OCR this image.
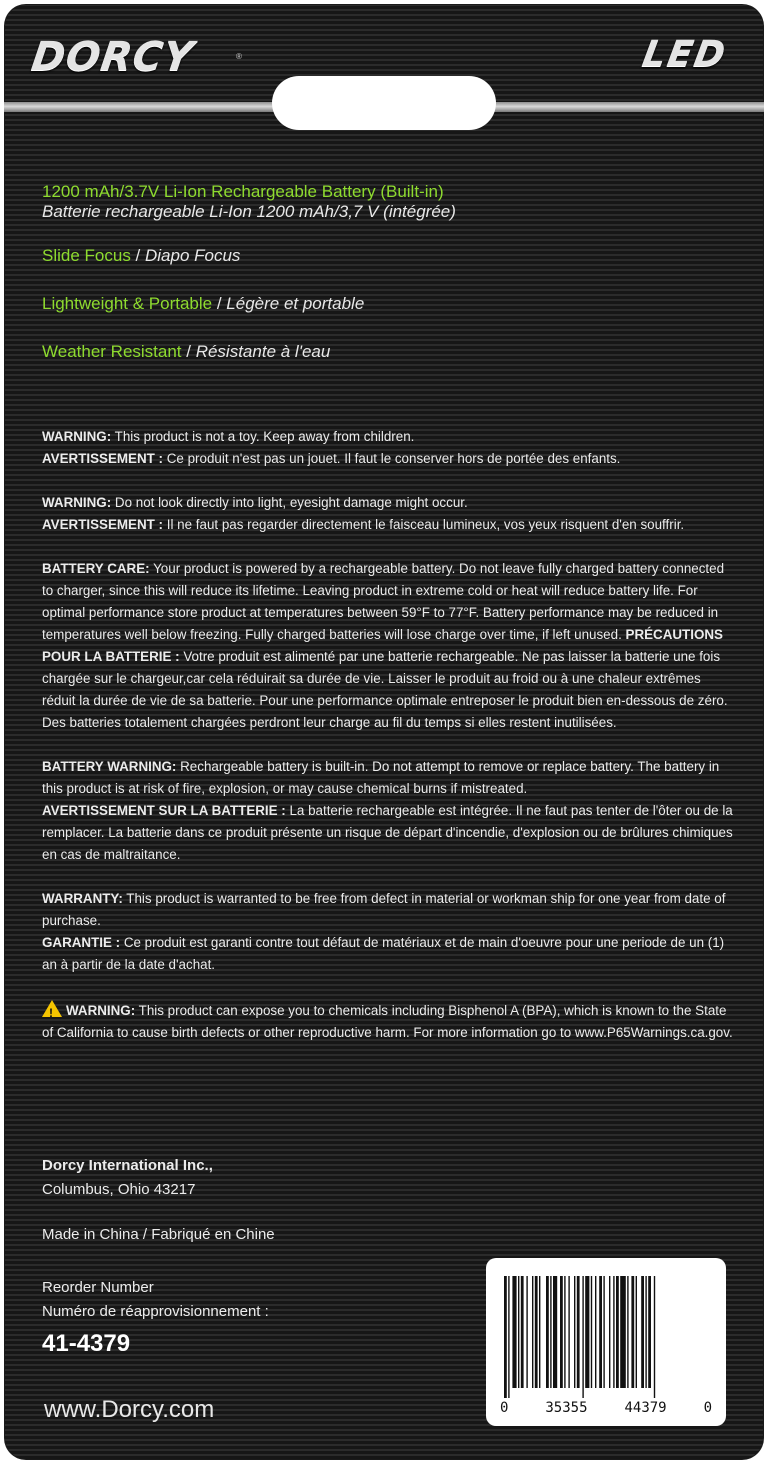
DORCY	®	LED
1200 mAh/3.7V Li-Ion Rechargeable Battery (Built-in)
Batterie rechargeable Li-Ion 1200 mAh/3,7 V (intégrée)
Slide Focus / Diapo Focus
Lightweight & Portable / Légère et portable
Weather Resistant / Résistante à l'eau

WARNING: This product is not a toy. Keep away from children.
AVERTISSEMENT : Ce produit n'est pas un jouet. Il faut le conserver hors de portée des enfants.

WARNING: Do not look directly into light, eyesight damage might occur.
AVERTISSEMENT : Il ne faut pas regarder directement le faisceau lumineux, vos yeux risquent d'en souffrir.

BATTERY CARE: Your product is powered by a rechargeable battery. Do not leave fully charged battery connected to charger, since this will reduce its lifetime. Leaving product in extreme cold or heat will reduce battery life. For optimal performance store product at temperatures between 59°F to 77°F. Battery performance may be reduced in temperatures well below freezing. Fully charged batteries will lose charge over time, if left unused. PRÉCAUTIONS POUR LA BATTERIE : Votre produit est alimenté par une batterie rechargeable. Ne pas laisser la batterie une fois chargée sur le chargeur,car cela réduirait sa durée de vie. Laisser le produit au froid ou à une chaleur extrêmes réduit la durée de vie de sa batterie. Pour une performance optimale entreposer le produit bien en-dessous de zéro. Des batteries totalement chargées perdront leur charge au fil du temps si elles restent inutilisées.

BATTERY WARNING: Rechargeable battery is built-in. Do not attempt to remove or replace battery. The battery in this product is at risk of fire, explosion, or may cause chemical burns if mistreated.
AVERTISSEMENT SUR LA BATTERIE : La batterie rechargeable est intégrée. Il ne faut pas tenter de l'ôter ou de la remplacer. La batterie dans ce produit présente un risque de départ d'incendie, d'explosion ou de brûlures chimiques en cas de maltraitance.

WARRANTY: This product is warranted to be free from defect in material or workman ship for one year from date of purchase.
GARANTIE : Ce produit est garanti contre tout défaut de matériaux et de main d'oeuvre pour une periode de un (1) an à partir de la date d'achat.

!WARNING: This product can expose you to chemicals including Bisphenol A (BPA), which is known to the State of California to cause birth defects or other reproductive harm. For more information go to www.P65Warnings.ca.gov.

Dorcy International Inc.,
Columbus, Ohio 43217
Made in China / Fabriqué en Chine
Reorder Number
Numéro de réapprovisionnement :
41-4379
www.Dorcy.com	0	35355	44379	0
